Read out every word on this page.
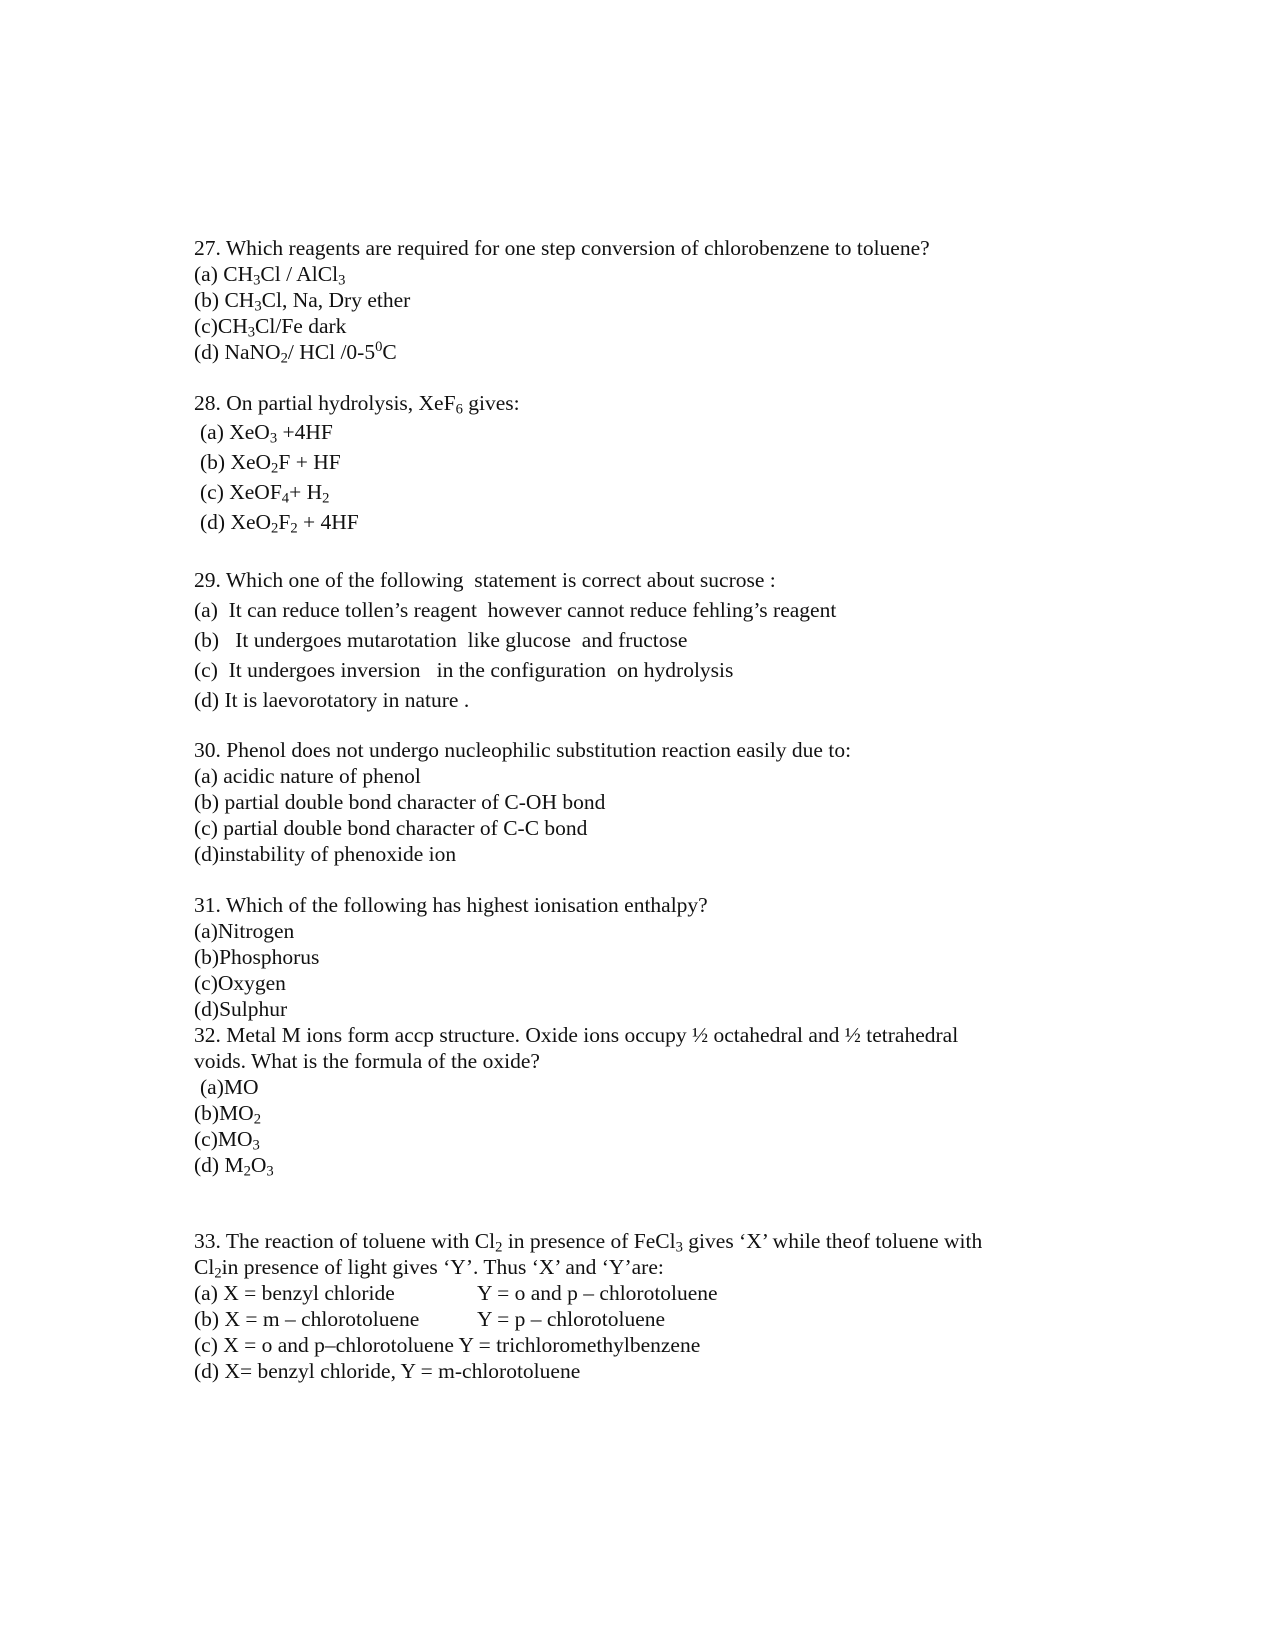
27. Which reagents are required for one step conversion of chlorobenzene to toluene?
(a) $CH_3Cl$ / AlCl$_3$
(b) $CH_3Cl$, Na, Dry ether
$(c)CH_3Cl/Fe$ dark
(d) NaNO$_2$/ HCl $/0-5^0C$
28. On partial hydrolysis, XeF$_6$ gives:
(a) XeO$_3$ +4HF
(b) XeO$_2$F + HF
(c) XeOF$_4$+ $H_2$
(d) $XeO_2F_2 + 4HF$
29. Which one of the following  statement is correct about sucrose :
(a)  It can reduce tollen’s reagent  however cannot reduce fehling’s reagent
(b)   It undergoes mutarotation  like glucose  and fructose
(c)  It undergoes inversion   in the configuration  on hydrolysis
(d) It is laevorotatory in nature .
30. Phenol does not undergo nucleophilic substitution reaction easily due to:
(a) acidic nature of phenol
(b) partial double bond character of C-OH bond
(c) partial double bond character of C-C bond
(d)instability of phenoxide ion
31. Which of the following has highest ionisation enthalpy?
(a)Nitrogen
(b)Phosphorus
(c)Oxygen
(d)Sulphur
32. Metal M ions form accp structure. Oxide ions occupy ½ octahedral and ½ tetrahedral
voids. What is the formula of the oxide?
(a)MO
$(b)MO_2$
$(c)MO_3$
(d) $M_2O_3$
33. The reaction of toluene with $Cl_2$ in presence of FeCl$_3$ gives ‘X’ while theof toluene with
$Cl_2in$ presence of light gives ‘Y’. Thus ‘X’ and ‘Y’are:
(a) X = benzyl chloride	Y = o and p – chlorotoluene
(b) X = m – chlorotoluene	Y = p – chlorotoluene
(c) X = o and p–chlorotoluene Y = trichloromethylbenzene
(d) X= benzyl chloride, Y = m-chlorotoluene
